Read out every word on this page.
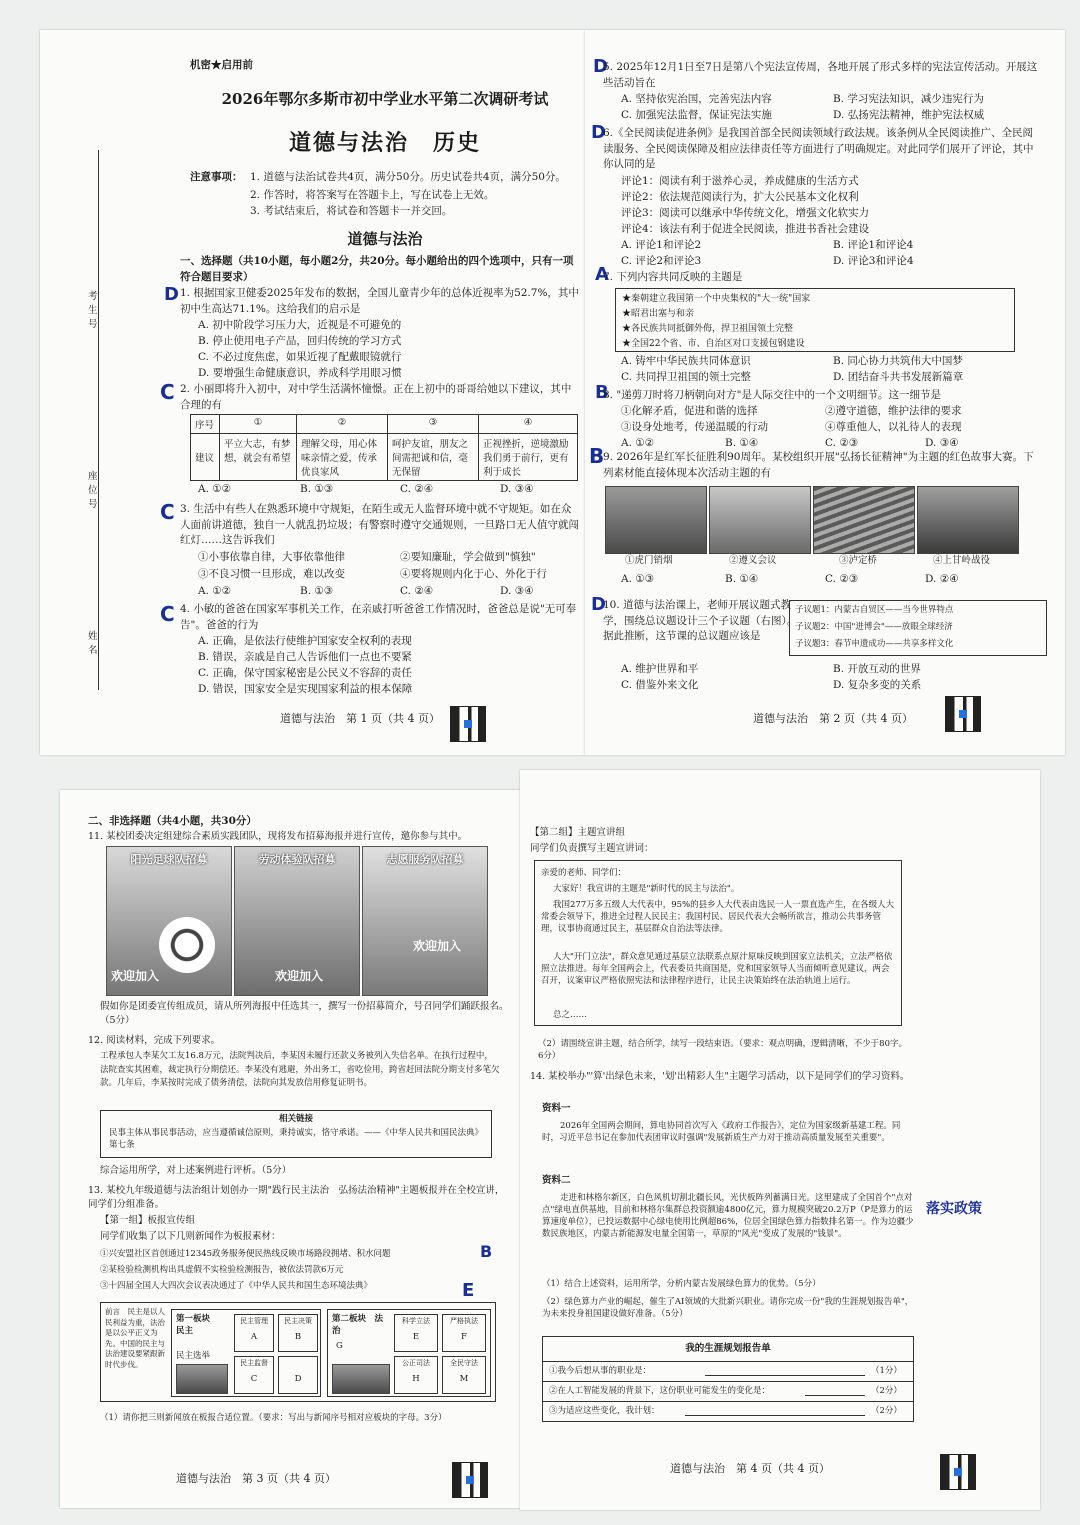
机密★启用前
2026年鄂尔多斯市初中学业水平第二次调研考试
道德与法治　历史
注意事项： 1. 道德与法治试卷共4页，满分50分。历史试卷共4页，满分50分。
2. 作答时，将答案写在答题卡上，写在试卷上无效。
3. 考试结束后，将试卷和答题卡一并交回。
道德与法治
一、选择题（共10小题，每小题2分，共20分。每小题给出的四个选项中，只有一项符合题目要求）
1. 根据国家卫健委2025年发布的数据，全国儿童青少年的总体近视率为52.7%，其中初中生高达71.1%。这给我们的启示是
A. 初中阶段学习压力大，近视是不可避免的
B. 停止使用电子产品，回归传统的学习方式
C. 不必过度焦虑，如果近视了配戴眼镜就行
D. 要增强生命健康意识，养成科学用眼习惯
2. 小丽即将升入初中，对中学生活满怀憧憬。正在上初中的哥哥给她以下建议，其中合理的有
序号	①	②	③	④
建议	平立大志，有梦想，就会有希望	理解父母，用心体味亲情之爱，传承优良家风	呵护友谊，朋友之间需把诚和信，毫无保留	正视挫折，逆境激励我们勇于前行，更有利于成长
A. ①②	B. ①③	C. ②④	D. ③④
3. 生活中有些人在熟悉环境中守规矩，在陌生或无人监督环境中就不守规矩。如在众人面前讲道德，独自一人就乱扔垃圾；有警察时遵守交通规则，一旦路口无人值守就闯红灯……这告诉我们
①小事依靠自律，大事依靠他律	②要知廉耻，学会做到"慎独"
③不良习惯一旦形成，难以改变	④要将规则内化于心、外化于行
A. ①②	B. ①③	C. ②④	D. ③④
4. 小敏的爸爸在国家军事机关工作，在亲戚打听爸爸工作情况时，爸爸总是说"无可奉告"。爸爸的行为
A. 正确，是依法行使维护国家安全权利的表现
B. 错误，亲戚是自己人告诉他们一点也不要紧
C. 正确，保守国家秘密是公民义不容辞的责任
D. 错误，国家安全是实现国家利益的根本保障
考生号
座位号
姓名
D
C
C
C
道德与法治　第 1 页（共 4 页）
D
5. 2025年12月1日至7日是第八个宪法宣传周，各地开展了形式多样的宪法宣传活动。开展这些活动旨在
A. 坚持依宪治国，完善宪法内容	B. 学习宪法知识，减少违宪行为
C. 加强宪法监督，保证宪法实施	D. 弘扬宪法精神，维护宪法权威
D
6.《全民阅读促进条例》是我国首部全民阅读领域行政法规。该条例从全民阅读推广、全民阅读服务、全民阅读保障及相应法律责任等方面进行了明确规定。对此同学们展开了评论，其中你认同的是
评论1：阅读有利于滋养心灵，养成健康的生活方式
评论2：依法规范阅读行为，扩大公民基本文化权利
评论3：阅读可以继承中华传统文化，增强文化软实力
评论4：该法有利于促进全民阅读，推进书香社会建设
A. 评论1和评论2	B. 评论1和评论4
C. 评论2和评论3	D. 评论3和评论4
A
7. 下列内容共同反映的主题是
★秦朝建立我国第一个中央集权的"大一统"国家
★昭君出塞与和亲
★各民族共同抵御外侮，捍卫祖国领土完整
★全国22个省、市、自治区对口支援包钢建设
A. 铸牢中华民族共同体意识	B. 同心协力共筑伟大中国梦
C. 共同捍卫祖国的领土完整	D. 团结奋斗共书发展新篇章
B
8. "递剪刀时将刀柄朝向对方"是人际交往中的一个文明细节。这一细节是
①化解矛盾，促进和谐的选择	②遵守道德，维护法律的要求
③设身处地考，传递温暖的行动	④尊重他人，以礼待人的表现
A. ①②	B. ①④	C. ②③	D. ③④
B
9. 2026年是红军长征胜利90周年。某校组织开展"弘扬长征精神"为主题的红色故事大赛。下列素材能直接体现本次活动主题的有
①虎门销烟	②遵义会议	③泸定桥	④上甘岭战役
A. ①③	B. ①④	C. ②③	D. ②④
D
10. 道德与法治课上，老师开展议题式教学，围绕总议题设计三个子议题（右图）。据此推断，这节课的总议题应该是
子议题1：内蒙古自贸区——当今世界特点
子议题2：中国"进博会"——放眼全球经济
子议题3：春节申遗成功——共享多样文化
A. 维护世界和平	B. 开放互动的世界
C. 借鉴外来文化	D. 复杂多变的关系
道德与法治　第 2 页（共 4 页）
二、非选择题（共4小题，共30分）
11. 某校团委决定组建综合素质实践团队，现将发布招募海报并进行宣传，邀你参与其中。
阳光足球队招募
欢迎加入
劳动体验队招募
欢迎加入
志愿服务队招募
欢迎加入
假如你是团委宣传组成员，请从所列海报中任选其一，撰写一份招募简介，号召同学们踊跃报名。（5分）
12. 阅读材料，完成下列要求。
工程承包人李某欠工友16.8万元，法院判决后，李某因未履行还款义务被列入失信名单。在执行过程中，法院查实其困难，裁定执行分期偿还。李某没有逃避，外出务工，省吃俭用，跨省赶回法院分期支付多笔欠款。几年后，李某按时完成了债务清偿，法院向其发放信用修复证明书。
相关链接
民事主体从事民事活动，应当遵循诚信原则，秉持诚实，恪守承诺。——《中华人民共和国民法典》第七条
综合运用所学，对上述案例进行评析。（5分）
13. 某校九年级道德与法治组计划创办一期"践行民主法治　弘扬法治精神"主题板报并在全校宣讲，同学们分组准备。
【第一组】板报宣传组
同学们收集了以下几则新闻作为板报素材：
①兴安盟社区首创通过12345政务服务便民热线反映市场路段拥堵、积水问题
②某检验检测机构出具虚假不实检验检测报告，被依法罚款6万元
③十四届全国人大四次会议表决通过了《中华人民共和国生态环境法典》
B
E
前言　民主是以人民利益为重，法治是以公平正义为先。中国的民主与法治建设要紧跟新时代步伐。
第一板块　民主
民主选举
民主管理
A
民主决策
B
民主监督
C	D
第二板块　法治
科学立法
E
严格执法
F
公正司法
H
全民守法
M
G
（1）请你把三则新闻放在板报合适位置。（要求：写出与新闻序号相对应板块的字母。3分）
道德与法治　第 3 页（共 4 页）
【第二组】主题宣讲组
同学们负责撰写主题宣讲词：
亲爱的老师、同学们：
大家好！我宣讲的主题是"新时代的民主与法治"。
我国277万多五级人大代表中，95%的县乡人大代表由选民一人一票直选产生，在各级人大常委会领导下，推进全过程人民民主；我国村民、居民代表大会畅所欲言，推动公共事务管理，议事协商通过民主，基层群众自治法等法律。
人大"开门立法"，群众意见通过基层立法联系点原汁原味反映到国家立法机关，立法严格依照立法推进。每年全国两会上，代表委员共商国是，党和国家领导人当面倾听意见建议，两会召开，议案审议严格依照宪法和法律程序进行，让民主决策始终在法治轨道上运行。
总之……
（2）请围绕宣讲主题，结合所学，续写一段结束语。（要求：观点明确，逻辑清晰，不少于80字。6分）
14. 某校举办"'算'出绿色未来，'划'出精彩人生"主题学习活动，以下是同学们的学习资料。
资料一
2026年全国两会期间，算电协同首次写入《政府工作报告》，定位为国家级新基建工程。同时，习近平总书记在参加代表团审议时强调"发展新质生产力对于推动高质量发展至关重要"。
资料二
走进和林格尔新区，白色风机切割北疆长风，光伏板阵列蓄满日光。这里建成了全国首个"点对点"绿电直供基地，目前和林格尔集群总投资额逾4800亿元，算力规模突破20.2万P（P是算力的运算速度单位），已投运数据中心绿电使用比例超86%，位居全国绿色算力指数排名第一。作为边疆少数民族地区，内蒙古新能源发电量全国第一，草原的"风光"变成了发展的"钱景"。
落实政策
（1）结合上述资料，运用所学，分析内蒙古发展绿色算力的优势。（5分）
（2）绿色算力产业的崛起，催生了AI领域的大批新兴职业。请你完成一份"我的生涯规划报告单"，为未来投身祖国建设做好准备。（5分）
我的生涯规划报告单
①我今后想从事的职业是：	（1分）
②在人工智能发展的背景下，这份职业可能发生的变化是：	（2分）
③为适应这些变化，我计划：	（2分）
道德与法治　第 4 页（共 4 页）
